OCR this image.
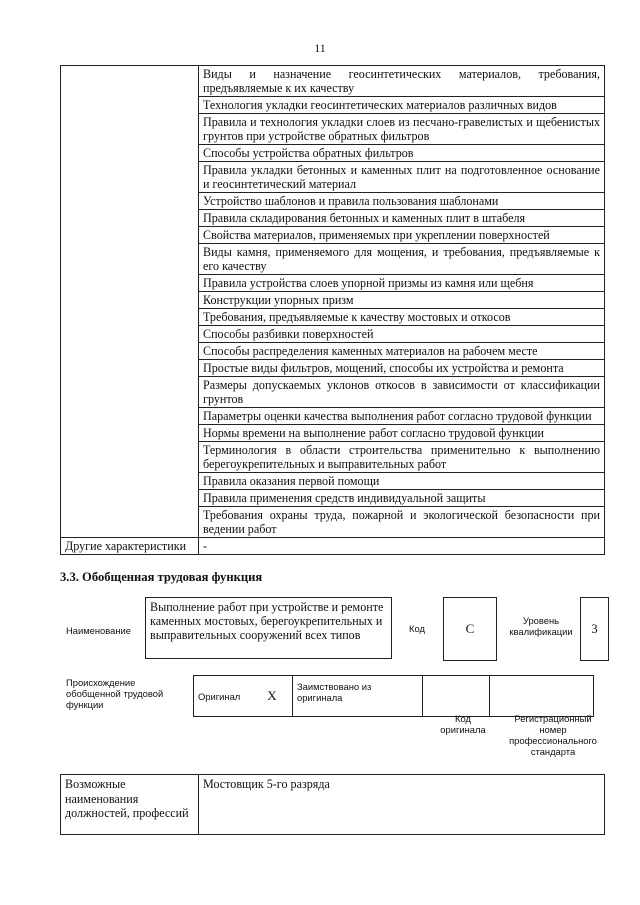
11
	Виды и назначение геосинтетических материалов, требования, предъявляемые к их качеству
	Технология укладки геосинтетических материалов различных видов
	Правила и технология укладки слоев из песчано-гравелистых и щебенистых грунтов при устройстве обратных фильтров
	Способы устройства обратных фильтров
	Правила укладки бетонных и каменных плит на подготовленное основание и геосинтетический материал
	Устройство шаблонов и правила пользования шаблонами
	Правила складирования бетонных и каменных плит в штабеля
	Свойства материалов, применяемых при укреплении поверхностей
	Виды камня, применяемого для мощения, и требования, предъявляемые к его качеству
	Правила устройства слоев упорной призмы из камня или щебня
	Конструкции упорных призм
	Требования, предъявляемые к качеству мостовых и откосов
	Способы разбивки поверхностей
	Способы распределения каменных материалов на рабочем месте
	Простые виды фильтров, мощений, способы их устройства и ремонта
	Размеры допускаемых уклонов откосов в зависимости от классификации грунтов
	Параметры оценки качества выполнения работ согласно трудовой функции
	Нормы времени на выполнение работ согласно трудовой функции
	Терминология в области строительства применительно к выполнению берегоукрепительных и выправительных работ
	Правила оказания первой помощи
	Правила применения средств индивидуальной защиты
	Требования охраны труда, пожарной и экологической безопасности при ведении работ
Другие характеристики	-
3.3. Обобщенная трудовая функция
Наименование
Выполнение работ при устройстве и ремонте каменных мостовых, берегоукрепительных и выправительных сооружений всех типов	Код	C
Уровень квалификации	3
Происхождение обобщенной трудовой функции
Оригинал	X	
Заимствовано из оригинала

Код оригинала
Регистрационный номер профессионального стандарта
Возможные наименования должностей, профессий	Мостовщик 5-го разряда
